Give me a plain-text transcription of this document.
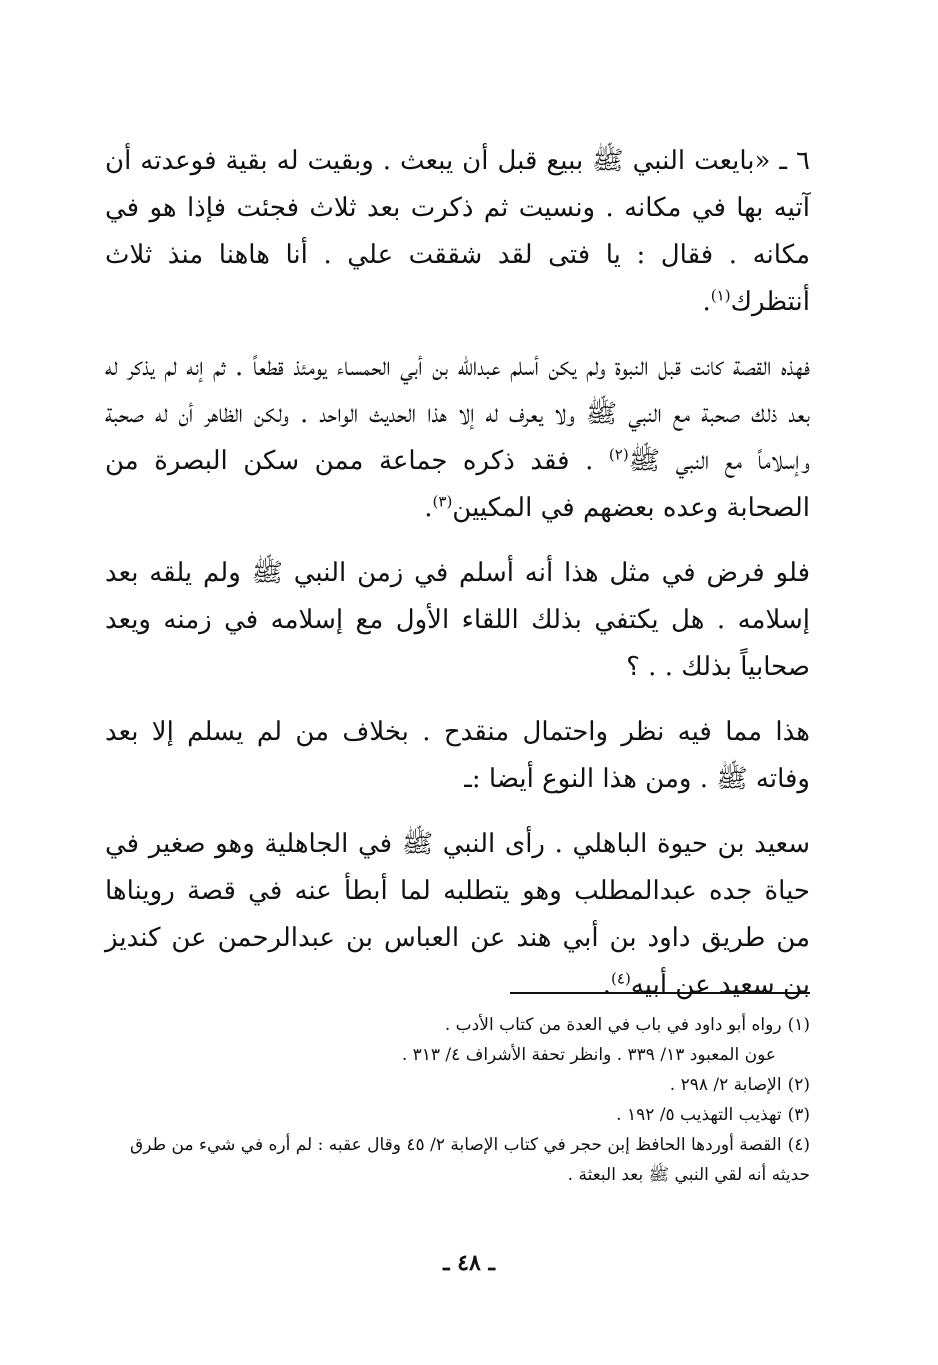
٦ ـ «بايعت النبي ﷺ ببيع قبل أن يبعث . وبقيت له بقية فوعدته أن آتيه بها في مكانه . ونسيت ثم ذكرت بعد ثلاث فجئت فإذا هو في مكانه . فقال : يا فتى لقد شققت علي . أنا هاهنا منذ ثلاث أنتظرك$^{(١)}$.

فهذه القصة كانت قبل النبوة ولم يكن أسلم عبدالله بن أبي الحمساء يومئذ قطعاً . ثم إنه لم يذكر له بعد ذلك صحبة مع النبي ﷺ ولا يعرف له إلا هذا الحديث الواحد . ولكن الظاهر أن له صحبة وإسلاماً مع النبي ﷺ$^{(٢)}$ . فقد ذكره جماعة ممن سكن البصرة من الصحابة وعده بعضهم في المكيين$^{(٣)}$.

فلو فرض في مثل هذا أنه أسلم في زمن النبي ﷺ ولم يلقه بعد إسلامه . هل يكتفي بذلك اللقاء الأول مع إسلامه في زمنه ويعد صحابياً بذلك . . ؟

هذا مما فيه نظر واحتمال منقدح . بخلاف من لم يسلم إلا بعد وفاته ﷺ . ومن هذا النوع أيضا :ـ

سعيد بن حيوة الباهلي . رأى النبي ﷺ في الجاهلية وهو صغير في حياة جده عبدالمطلب وهو يتطلبه لما أبطأ عنه في قصة رويناها من طريق داود بن أبي هند عن العباس بن عبدالرحمن عن كنديز بن سعيد عن أبيه$^{(٤)}$.

(١)رواه أبو داود في باب في العدة من كتاب الأدب .

عون المعبود ١٣/ ٣٣٩ . وانظر تحفة الأشراف ٤/ ٣١٣ .

(٢)الإصابة ٢/ ٢٩٨ .

(٣)تهذيب التهذيب ٥/ ١٩٢ .

(٤)القصة أوردها الحافظ إبن حجر في كتاب الإصابة ٢/ ٤٥ وقال عقبه : لم أره في شيء من طرق حديثه أنه لقي النبي ﷺ بعد البعثة .

ـ ٤٨ ـ
